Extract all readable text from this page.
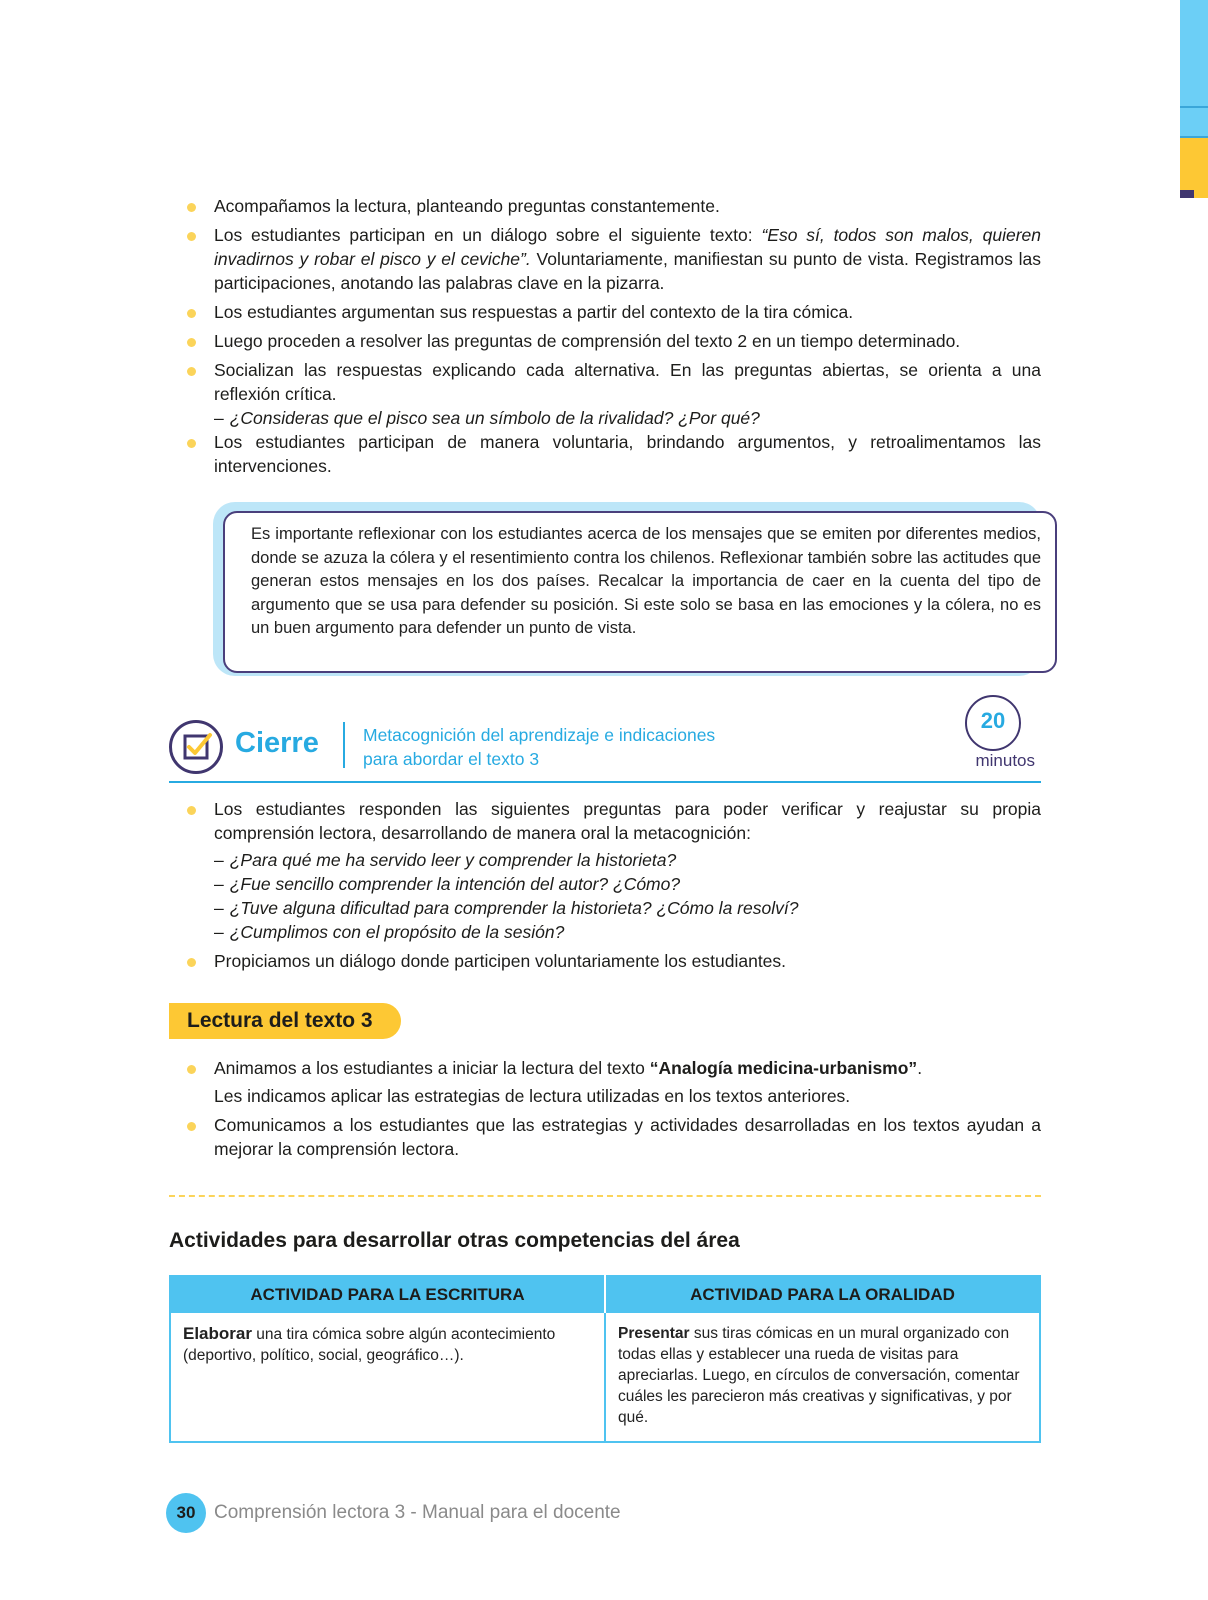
Acompañamos la lectura, planteando preguntas constantemente.
Los estudiantes participan en un diálogo sobre el siguiente texto: “Eso sí, todos son malos, quieren invadirnos y robar el pisco y el ceviche”. Voluntariamente, manifiestan su punto de vista. Registramos las participaciones, anotando las palabras clave en la pizarra.
Los estudiantes argumentan sus respuestas a partir del contexto de la tira cómica.
Luego proceden a resolver las preguntas de comprensión del texto 2 en un tiempo determinado.
Socializan las respuestas explicando cada alternativa. En las preguntas abiertas, se orienta a una reflexión crítica.
– ¿Consideras que el pisco sea un símbolo de la rivalidad? ¿Por qué?
Los estudiantes participan de manera voluntaria, brindando argumentos, y retroalimentamos las intervenciones.
Es importante reflexionar con los estudiantes acerca de los mensajes que se emiten por diferentes medios, donde se azuza la cólera y el resentimiento contra los chilenos. Reflexionar también sobre las actitudes que generan estos mensajes en los dos países. Recalcar la importancia de caer en la cuenta del tipo de argumento que se usa para defender su posición. Si este solo se basa en las emociones y la cólera, no es un buen argumento para defender un punto de vista.
Cierre	Metacognición del aprendizaje e indicaciones
para abordar el texto 3
20
minutos
Los estudiantes responden las siguientes preguntas para poder verificar y reajustar su propia comprensión lectora, desarrollando de manera oral la metacognición:
– ¿Para qué me ha servido leer y comprender la historieta?
– ¿Fue sencillo comprender la intención del autor? ¿Cómo?
– ¿Tuve alguna dificultad para comprender la historieta? ¿Cómo la resolví?
– ¿Cumplimos con el propósito de la sesión?
Propiciamos un diálogo donde participen voluntariamente los estudiantes.
Lectura del texto 3
Animamos a los estudiantes a iniciar la lectura del texto “Analogía medicina-urbanismo”.
Les indicamos aplicar las estrategias de lectura utilizadas en los textos anteriores.
Comunicamos a los estudiantes que las estrategias y actividades desarrolladas en los textos ayudan a mejorar la comprensión lectora.
Actividades para desarrollar otras competencias del área
ACTIVIDAD PARA LA ESCRITURA	ACTIVIDAD PARA LA ORALIDAD
Elaborar una tira cómica sobre algún acontecimiento (deportivo, político, social, geográfico…).	Presentar sus tiras cómicas en un mural organizado con todas ellas y establecer una rueda de visitas para apreciarlas. Luego, en círculos de conversación, comentar cuáles les parecieron más creativas y significativas, y por qué.
30 Comprensión lectora 3 - Manual para el docente
